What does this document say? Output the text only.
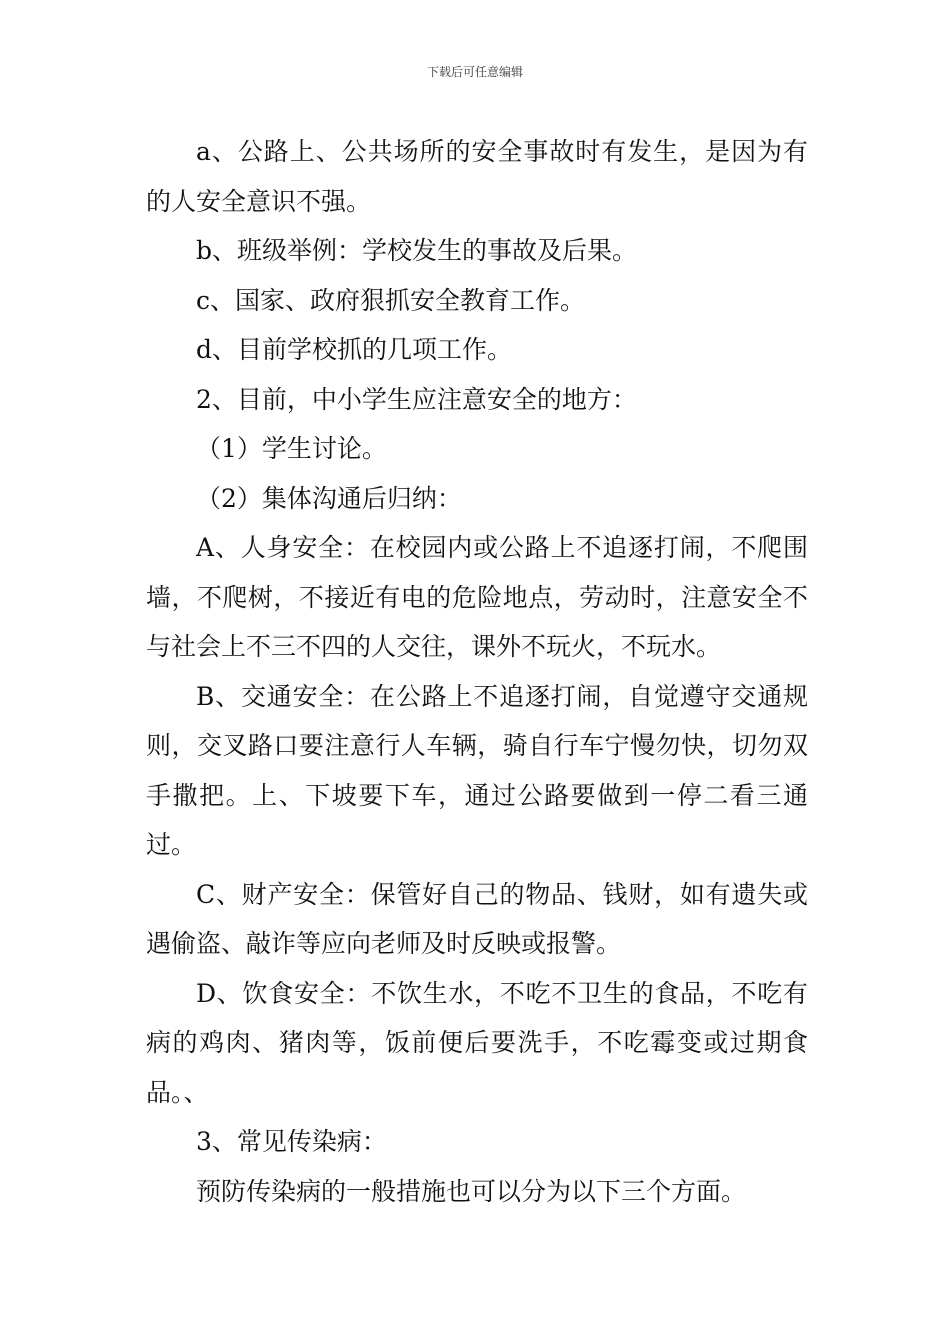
下载后可任意编辑

a、公路上、公共场所的安全事故时有发生，是因为有的人安全意识不强。

b、班级举例：学校发生的事故及后果。

c、国家、政府狠抓安全教育工作。

d、目前学校抓的几项工作。

2、目前，中小学生应注意安全的地方：

（1）学生讨论。

（2）集体沟通后归纳：

A、人身安全：在校园内或公路上不追逐打闹，不爬围墙，不爬树，不接近有电的危险地点，劳动时，注意安全不与社会上不三不四的人交往，课外不玩火，不玩水。

B、交通安全：在公路上不追逐打闹，自觉遵守交通规则，交叉路口要注意行人车辆，骑自行车宁慢勿快，切勿双手撒把。上、下坡要下车，通过公路要做到一停二看三通过。

C、财产安全：保管好自己的物品、钱财，如有遗失或遇偷盗、敲诈等应向老师及时反映或报警。

D、饮食安全：不饮生水，不吃不卫生的食品，不吃有病的鸡肉、猪肉等，饭前便后要洗手，不吃霉变或过期食品。、

3、常见传染病：

预防传染病的一般措施也可以分为以下三个方面。
